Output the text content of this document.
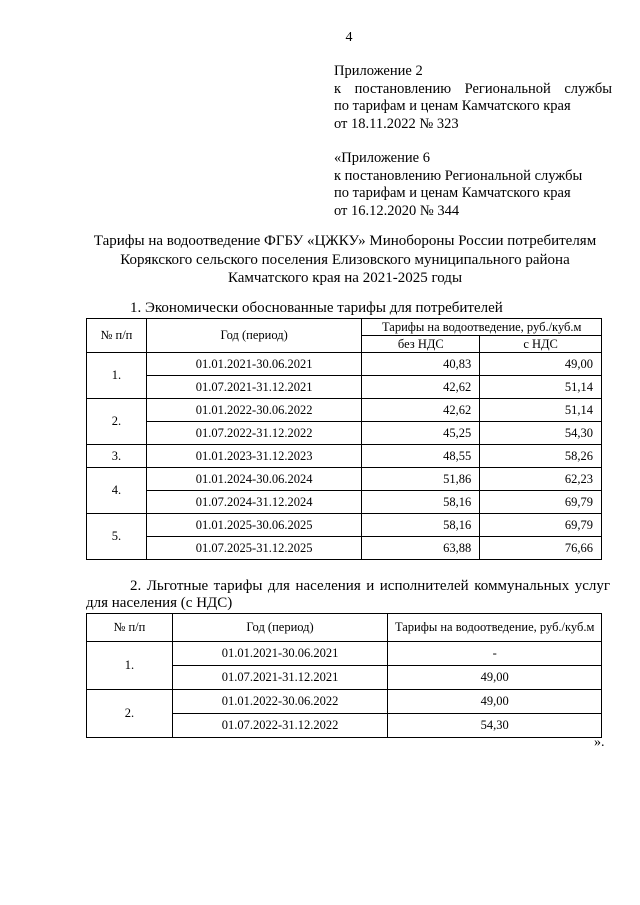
4
Приложение 2
к постановлению Региональной службы
по тарифам и ценам Камчатского края
от 18.11.2022 № 323
«Приложение 6
к постановлению Региональной службы
по тарифам и ценам Камчатского края
от 16.12.2020 № 344
Тарифы на водоотведение ФГБУ «ЦЖКУ» Минобороны России потребителям
Корякского сельского поселения Елизовского муниципального района
Камчатского края на 2021-2025 годы
1. Экономически обоснованные тарифы для потребителей
№ п/п	Год (период)	Тарифы на водоотведение, руб./куб.м	
		без НДС	с НДС
1.	01.01.2021-30.06.2021	40,83	49,00
	01.07.2021-31.12.2021	42,62	51,14
2.	01.01.2022-30.06.2022	42,62	51,14
	01.07.2022-31.12.2022	45,25	54,30
3.	01.01.2023-31.12.2023	48,55	58,26
4.	01.01.2024-30.06.2024	51,86	62,23
	01.07.2024-31.12.2024	58,16	69,79
5.	01.01.2025-30.06.2025	58,16	69,79
	01.07.2025-31.12.2025	63,88	76,66
2. Льготные тарифы для населения и исполнителей коммунальных услуг
для населения (с НДС)
№ п/п	Год (период)	Тарифы на водоотведение, руб./куб.м
1.	01.01.2021-30.06.2021	-
	01.07.2021-31.12.2021	49,00
2.	01.01.2022-30.06.2022	49,00
	01.07.2022-31.12.2022	54,30
».
